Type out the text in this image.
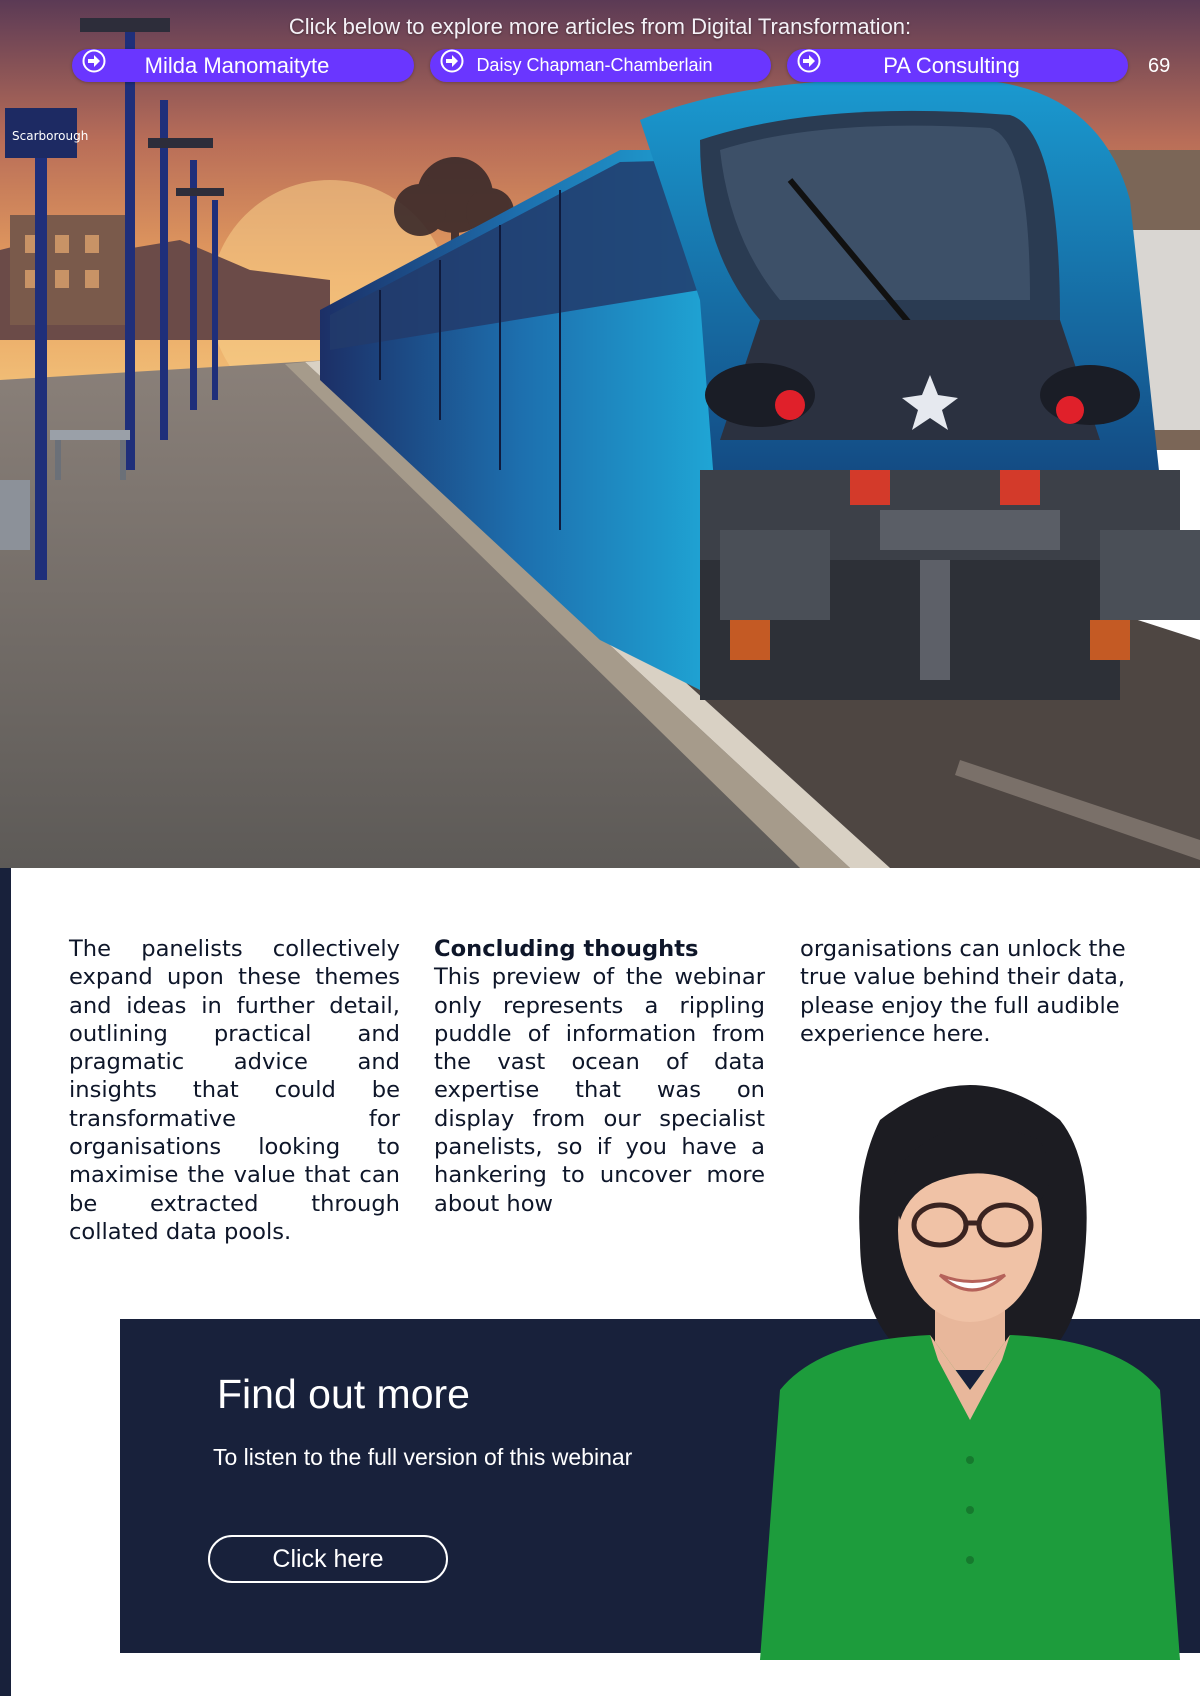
Scarborough
Click below to explore more articles from Digital Transformation:
Milda Manomaityte	Daisy Chapman-Chamberlain	PA Consulting	69

The panelists collectively expand upon these themes and ideas in further detail, outlining practical and pragmatic advice and insights that could be transformative for organisations looking to maximise the value that can be extracted through collated data pools.

Concluding thoughts

This preview of the webinar only represents a rippling puddle of information from the vast ocean of data expertise that was on display from our specialist panelists, so if you have a hankering to uncover more about how

organisations can unlock the true value behind their data, please enjoy the full audible experience here.

Find out more
To listen to the full version of this webinar
Click here
